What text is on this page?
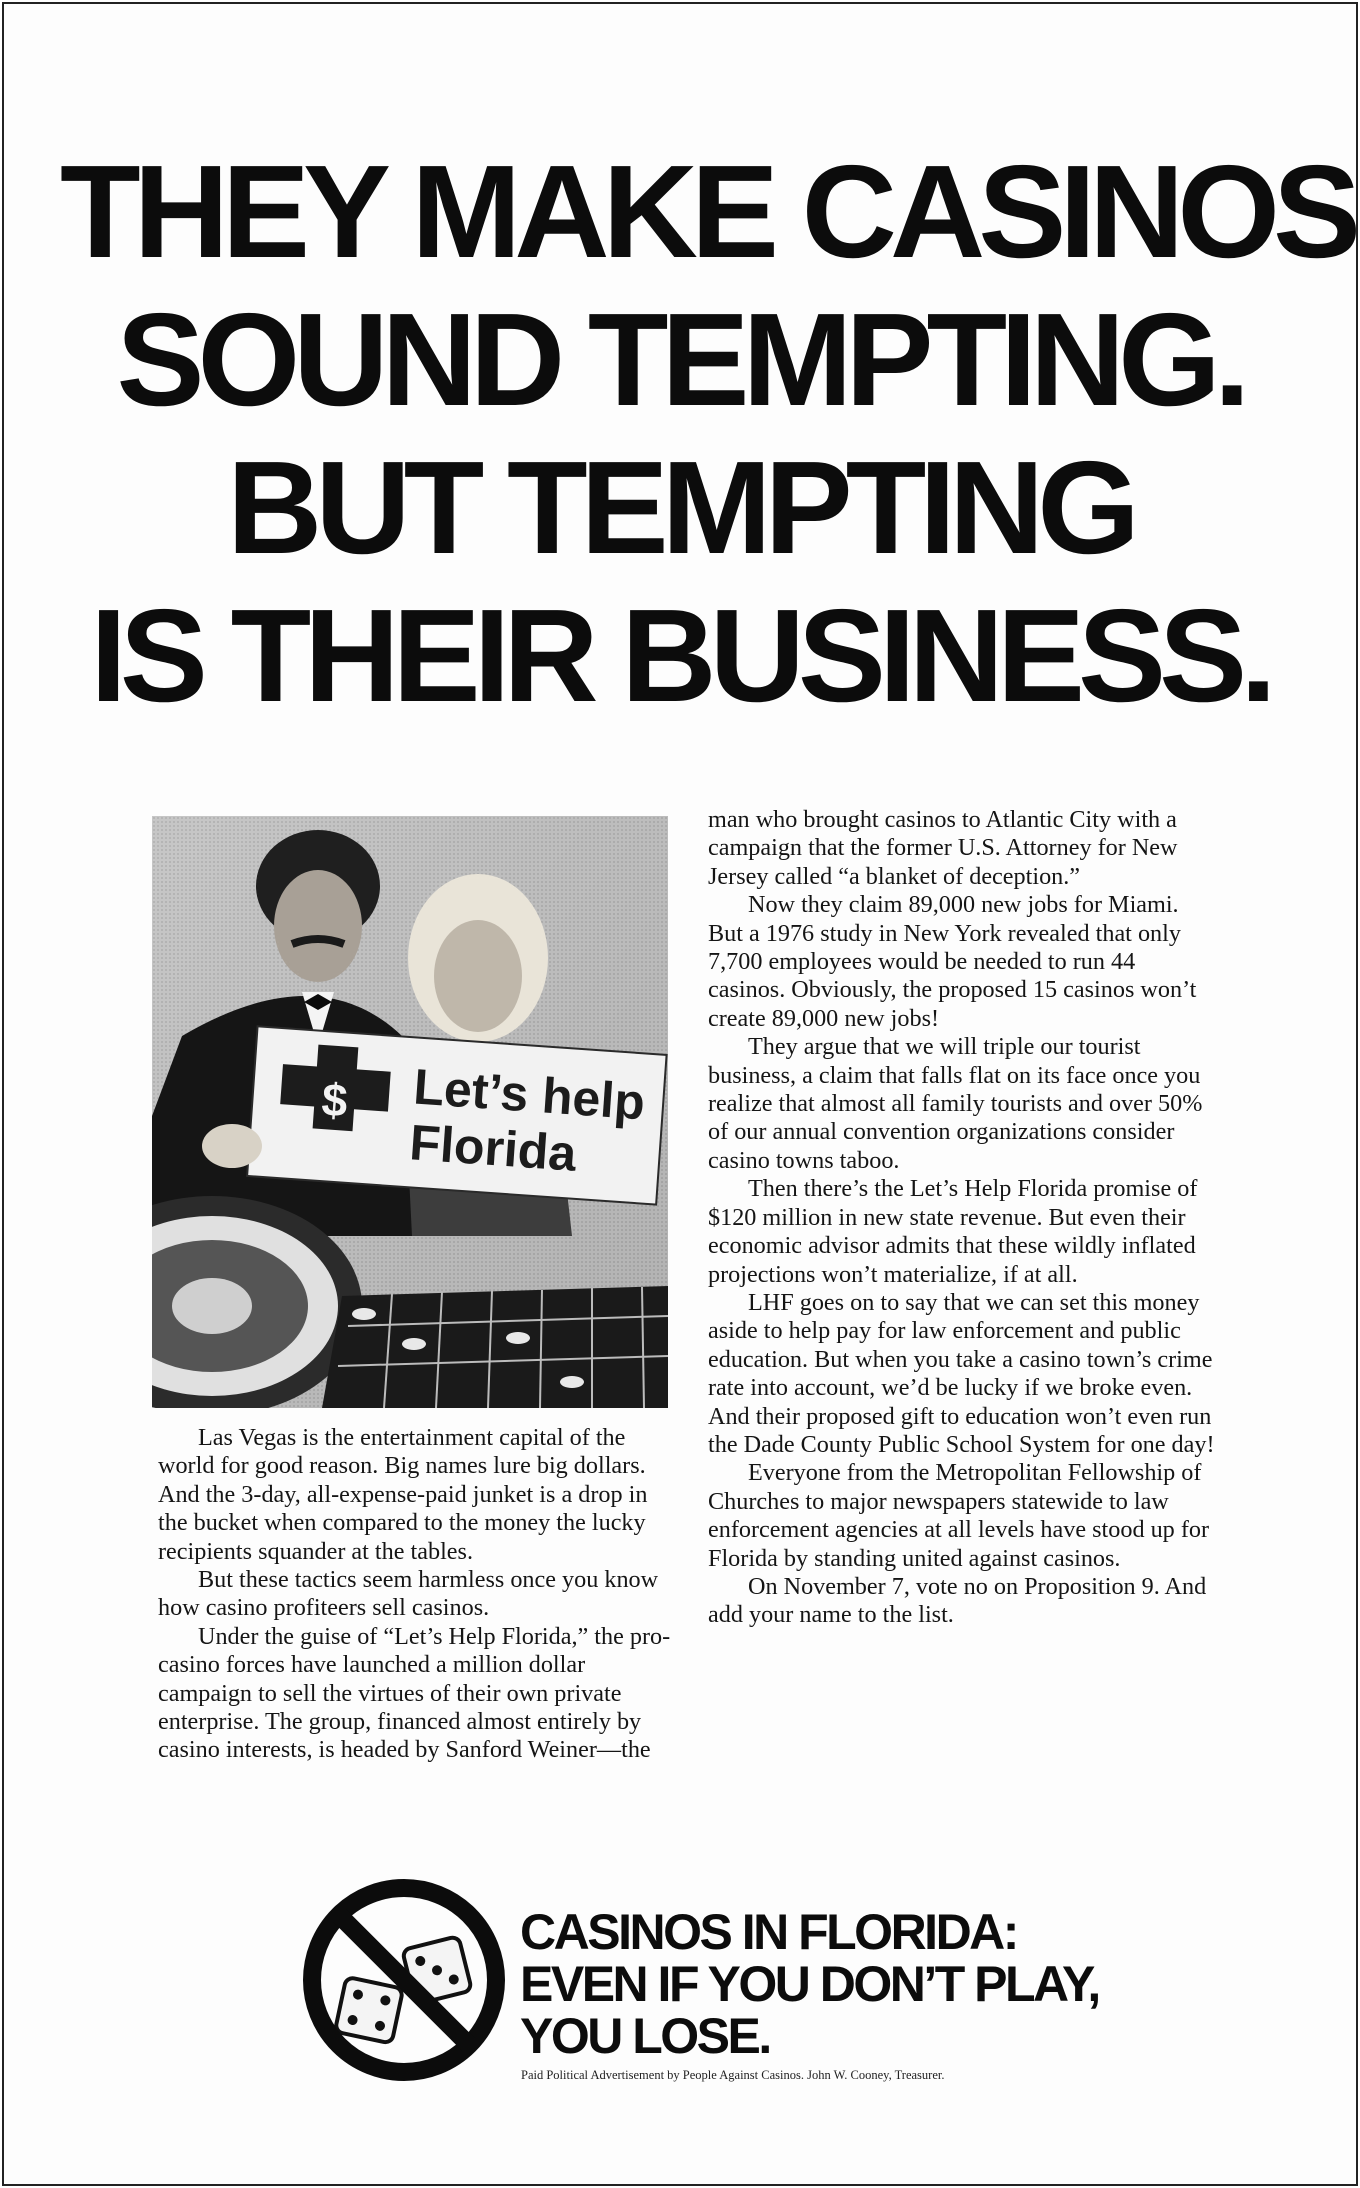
THEY MAKE CASINOS
SOUND TEMPTING.
BUT TEMPTING
IS THEIR BUSINESS.
$ Let’s help
Florida

Las Vegas is the entertainment capital of the world for good reason. Big names lure big dollars. And the 3-day, all-expense-paid junket is a drop in the bucket when compared to the money the lucky recipients squander at the tables.

But these tactics seem harmless once you know how casino profiteers sell casinos.

Under the guise of “Let’s Help Florida,” the pro-casino forces have launched a million dollar campaign to sell the virtues of their own private enterprise. The group, financed almost entirely by casino interests, is headed by Sanford Weiner—the

man who brought casinos to Atlantic City with a campaign that the former U.S. Attorney for New Jersey called “a blanket of deception.”

Now they claim 89,000 new jobs for Miami. But a 1976 study in New York revealed that only 7,700 employees would be needed to run 44 casinos. Obviously, the proposed 15 casinos won’t create 89,000 new jobs!

They argue that we will triple our tourist business, a claim that falls flat on its face once you realize that almost all family tourists and over 50% of our annual convention organizations consider casino towns taboo.

Then there’s the Let’s Help Florida promise of $120 million in new state revenue. But even their economic advisor admits that these wildly inflated projections won’t materialize, if at all.

LHF goes on to say that we can set this money aside to help pay for law enforcement and public education. But when you take a casino town’s crime rate into account, we’d be lucky if we broke even. And their proposed gift to education won’t even run the Dade County Public School System for one day!

Everyone from the Metropolitan Fellowship of Churches to major newspapers statewide to law enforcement agencies at all levels have stood up for Florida by standing united against casinos.

On November 7, vote no on Proposition 9. And add your name to the list.

CASINOS IN FLORIDA:
EVEN IF YOU DON’T PLAY,
YOU LOSE.
Paid Political Advertisement by People Against Casinos. John W. Cooney, Treasurer.
